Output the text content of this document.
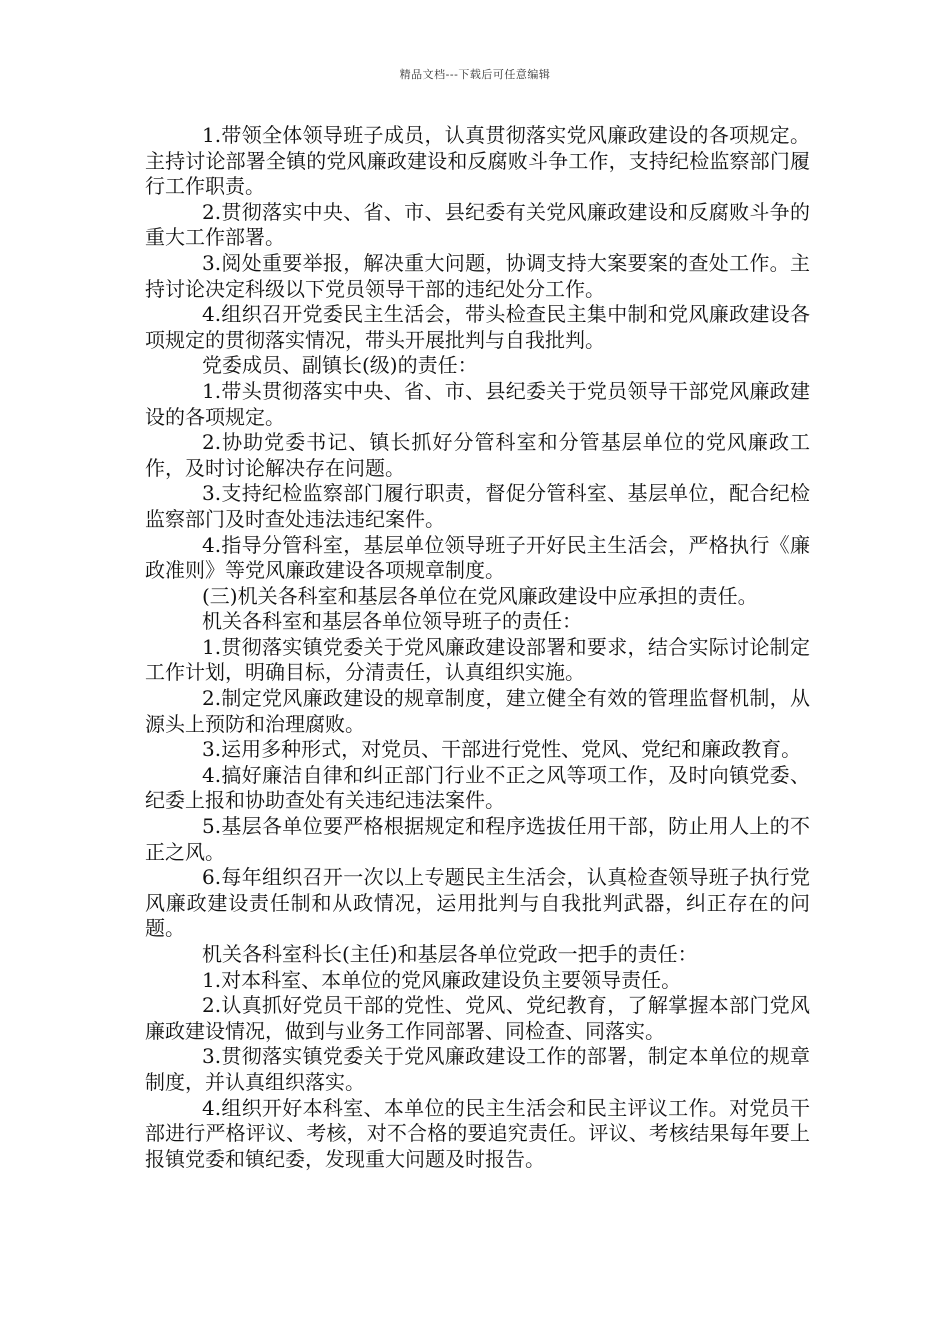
精品文档---下载后可任意编辑

1.带领全体领导班子成员，认真贯彻落实党风廉政建设的各项规定。主持讨论部署全镇的党风廉政建设和反腐败斗争工作，支持纪检监察部门履行工作职责。

2.贯彻落实中央、省、市、县纪委有关党风廉政建设和反腐败斗争的重大工作部署。

3.阅处重要举报，解决重大问题，协调支持大案要案的查处工作。主持讨论决定科级以下党员领导干部的违纪处分工作。

4.组织召开党委民主生活会，带头检查民主集中制和党风廉政建设各项规定的贯彻落实情况，带头开展批判与自我批判。

党委成员、副镇长(级)的责任：

1.带头贯彻落实中央、省、市、县纪委关于党员领导干部党风廉政建设的各项规定。

2.协助党委书记、镇长抓好分管科室和分管基层单位的党风廉政工作，及时讨论解决存在问题。

3.支持纪检监察部门履行职责，督促分管科室、基层单位，配合纪检监察部门及时查处违法违纪案件。

4.指导分管科室，基层单位领导班子开好民主生活会，严格执行《廉政准则》等党风廉政建设各项规章制度。

(三)机关各科室和基层各单位在党风廉政建设中应承担的责任。

机关各科室和基层各单位领导班子的责任：

1.贯彻落实镇党委关于党风廉政建设部署和要求，结合实际讨论制定工作计划，明确目标，分清责任，认真组织实施。

2.制定党风廉政建设的规章制度，建立健全有效的管理监督机制，从源头上预防和治理腐败。

3.运用多种形式，对党员、干部进行党性、党风、党纪和廉政教育。

4.搞好廉洁自律和纠正部门行业不正之风等项工作，及时向镇党委、纪委上报和协助查处有关违纪违法案件。

5.基层各单位要严格根据规定和程序选拔任用干部，防止用人上的不正之风。

6.每年组织召开一次以上专题民主生活会，认真检查领导班子执行党风廉政建设责任制和从政情况，运用批判与自我批判武器，纠正存在的问题。

机关各科室科长(主任)和基层各单位党政一把手的责任：

1.对本科室、本单位的党风廉政建设负主要领导责任。

2.认真抓好党员干部的党性、党风、党纪教育，了解掌握本部门党风廉政建设情况，做到与业务工作同部署、同检查、同落实。

3.贯彻落实镇党委关于党风廉政建设工作的部署，制定本单位的规章制度，并认真组织落实。

4.组织开好本科室、本单位的民主生活会和民主评议工作。对党员干部进行严格评议、考核，对不合格的要追究责任。评议、考核结果每年要上报镇党委和镇纪委，发现重大问题及时报告。
